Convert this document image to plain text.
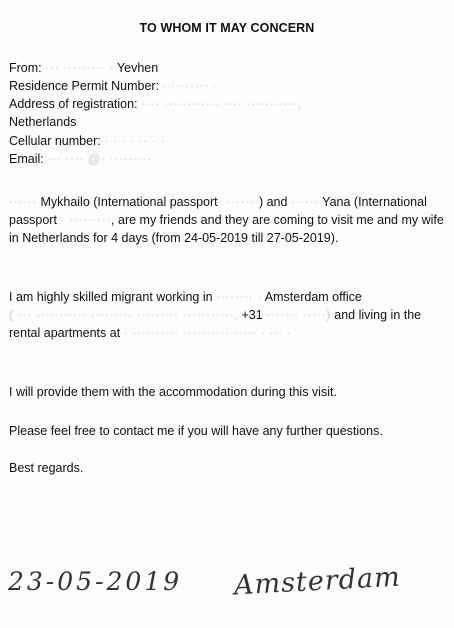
TO WHOM IT MAY CONCERN
From: ··· ········· · Yevhen
Residence Permit Number: · ········ ·
Address of registration: ···· ············ ···· ···········,
Netherlands
Cellular number: · · · · ·· · ·
Email: ··· ···· @· ·········
······ Mykhailo (International passport· ·······) and ······ Yana (International passport · ·········, are my friends and they are coming to visit me and my wife in Netherlands for 4 days (from 24-05-2019 till 27-05-2019).
I am highly skilled migrant working in ········ · Amsterdam office ( ··· ··········· ········· ········· ···········, +31 ······· ·····) and living in the rental apartments at · ·········· ·········· ····· · ··· ·
I will provide them with the accommodation during this visit.
Please feel free to contact me if you will have any further questions.
Best regards.
23-05-2019 Amsterdam
